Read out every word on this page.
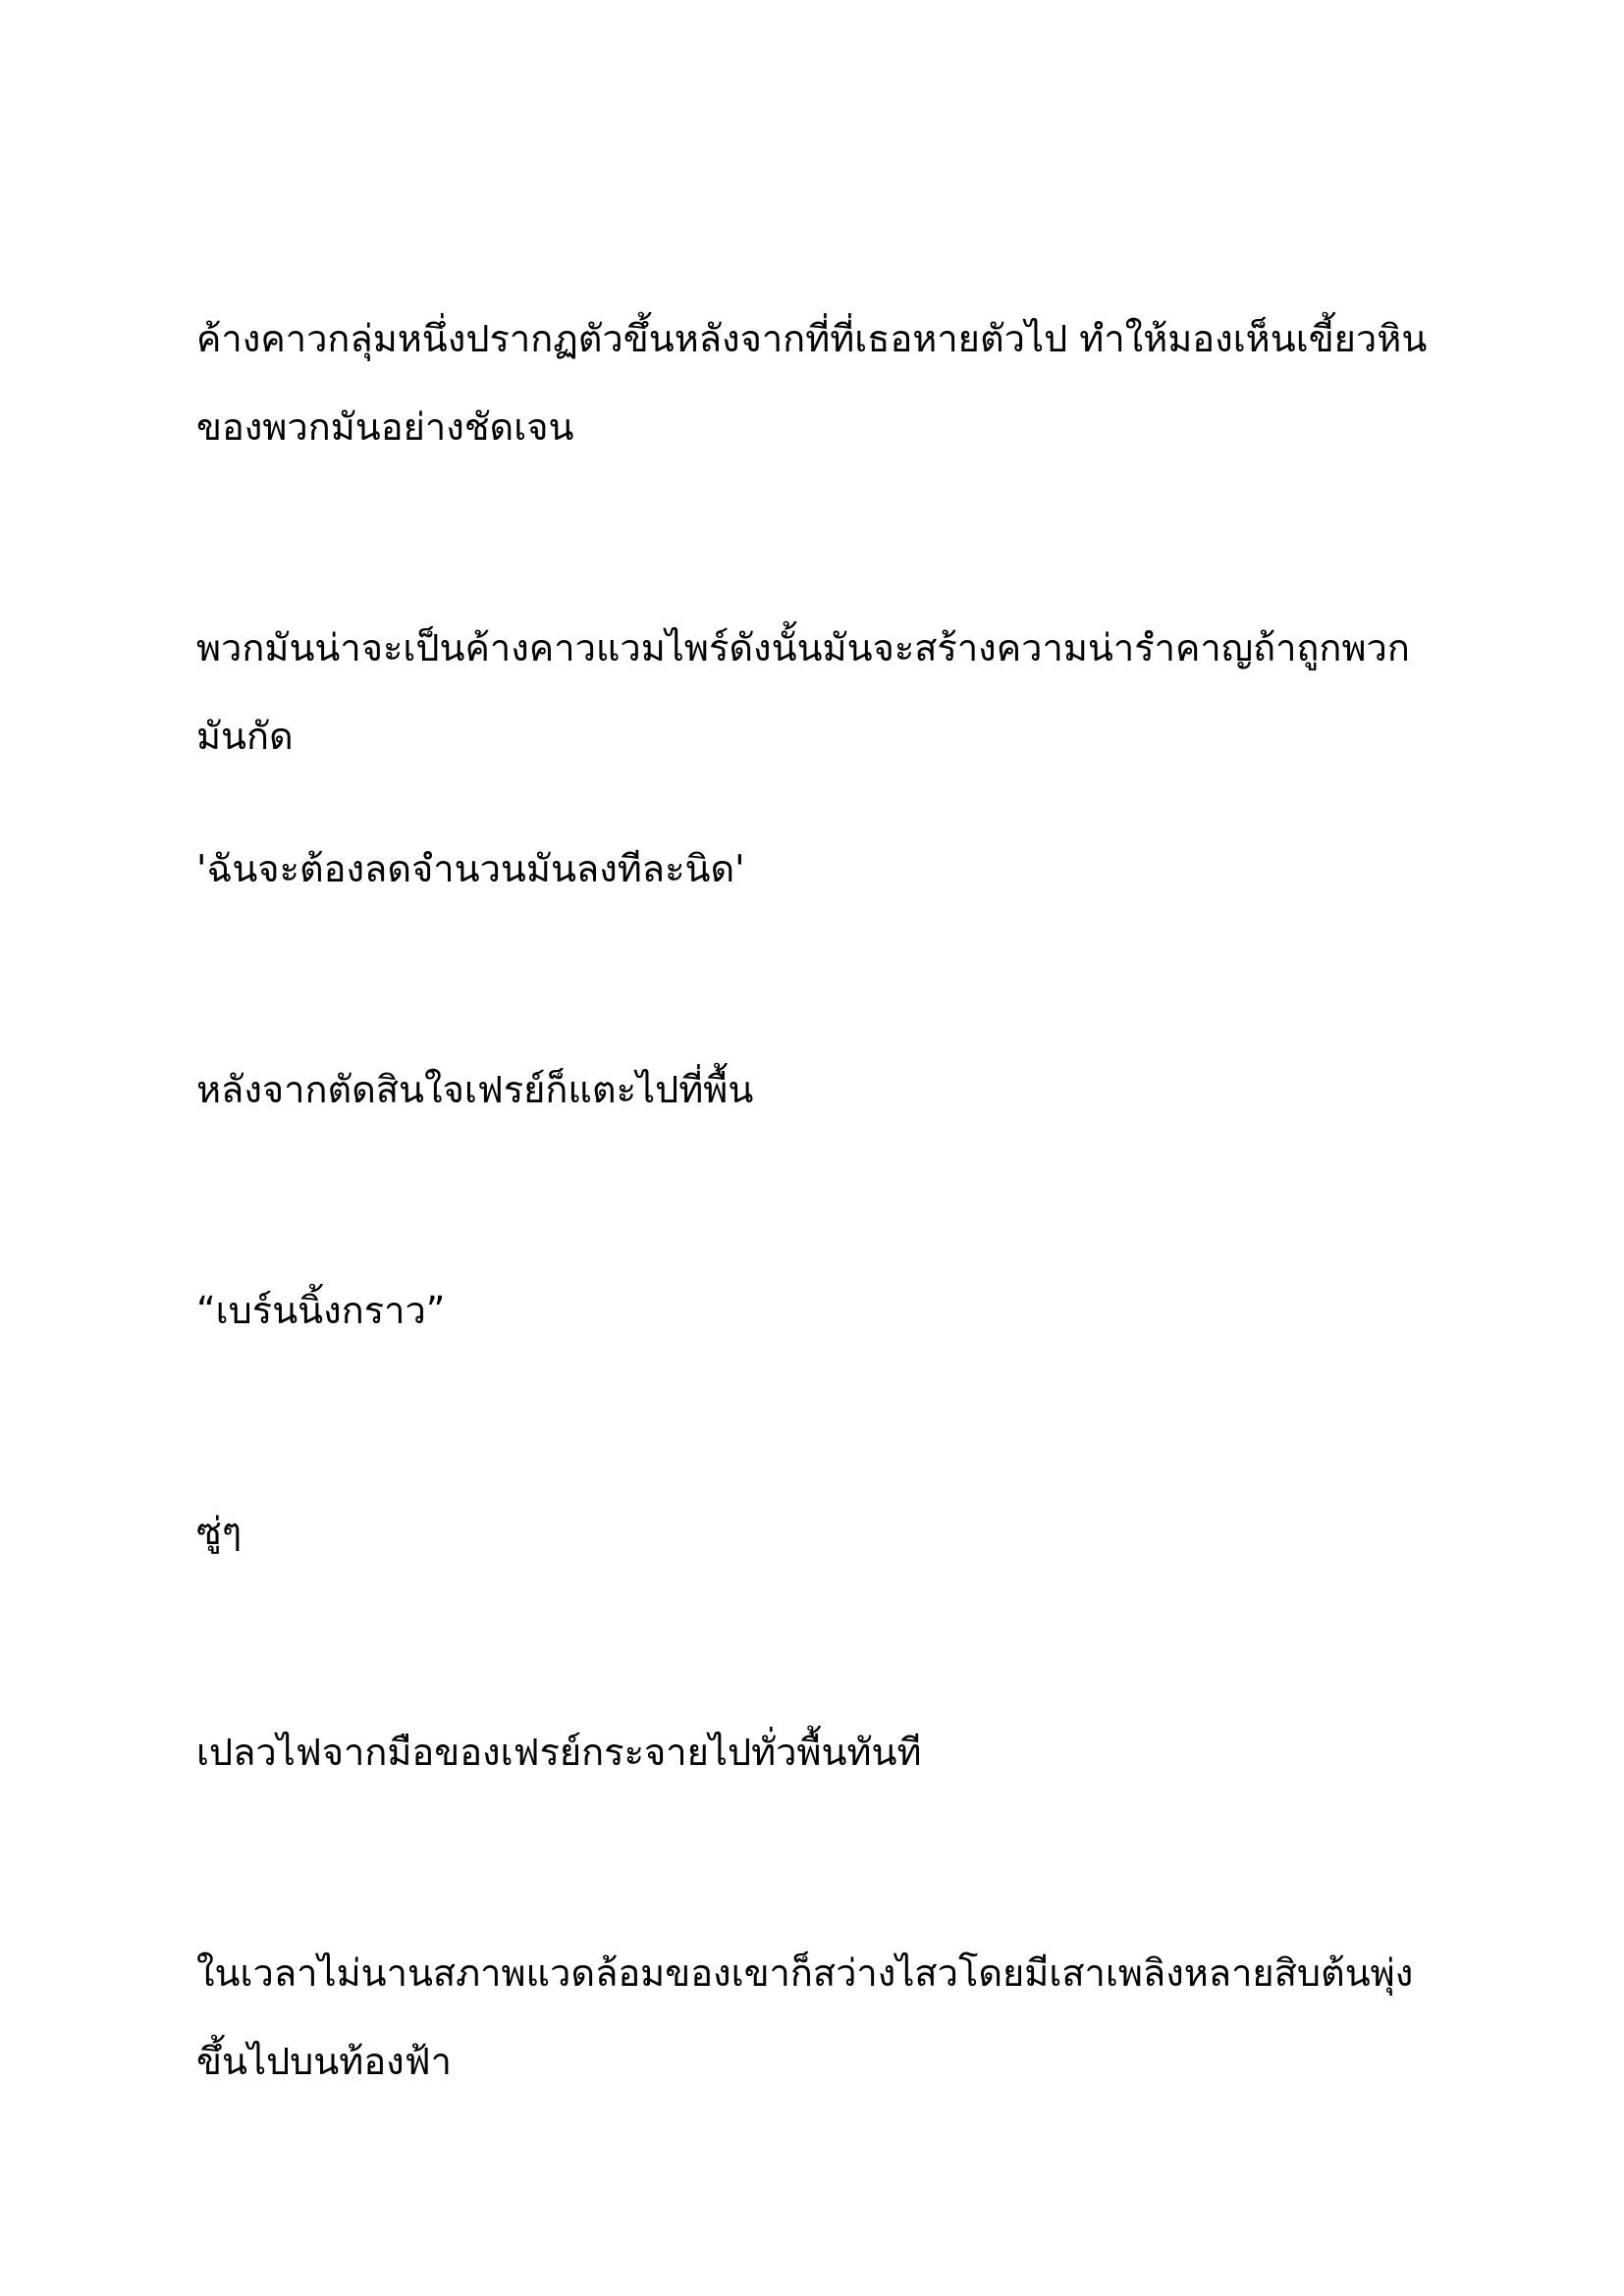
ค้างคาวกลุ่มหนึ่งปรากฏตัวขึ้นหลังจากที่ที่เธอหายตัวไป ทำให้มองเห็นเขี้ยวหินของพวกมันอย่างชัดเจน

พวกมันน่าจะเป็นค้างคาวแวมไพร์ดังนั้นมันจะสร้างความน่ารำคาญถ้าถูกพวกมันกัด

'ฉันจะต้องลดจำนวนมันลงทีละนิด'

หลังจากตัดสินใจเฟรย์ก็แตะไปที่พื้น

“เบร์นนิ้งกราว”

ซู่ๆ

เปลวไฟจากมือของเฟรย์กระจายไปทั่วพื้นทันที

ในเวลาไม่นานสภาพแวดล้อมของเขาก็สว่างไสวโดยมีเสาเพลิงหลายสิบต้นพุ่งขึ้นไปบนท้องฟ้า
